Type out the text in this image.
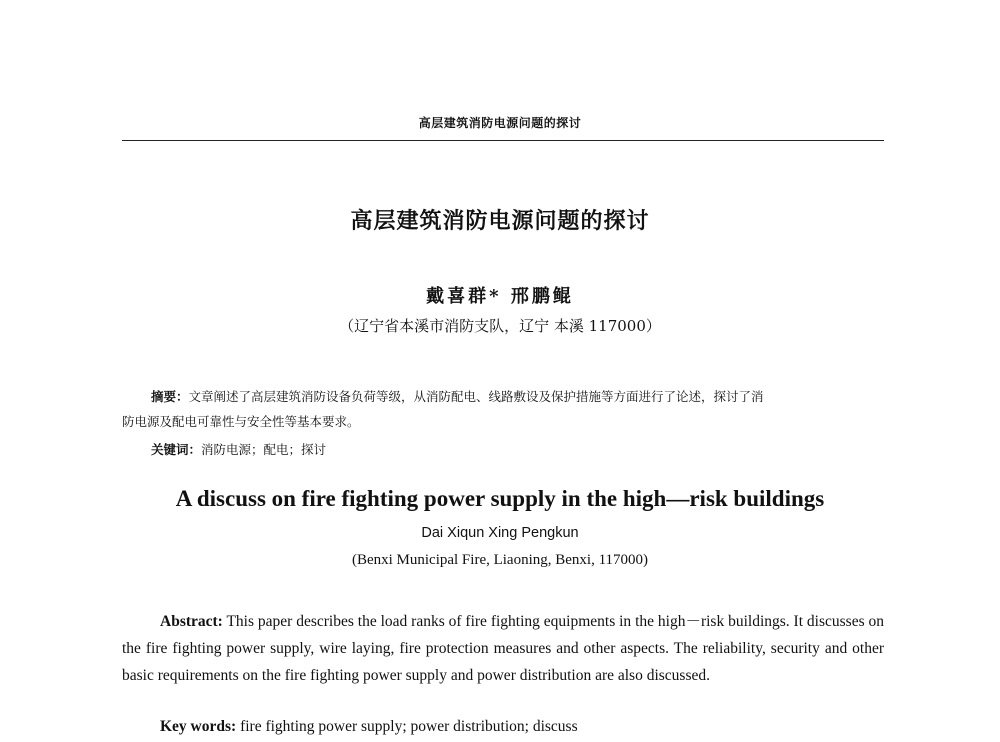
高层建筑消防电源问题的探讨
高层建筑消防电源问题的探讨
戴喜群* 邢鹏鲲
（辽宁省本溪市消防支队，辽宁 本溪 117000）
摘要：文章阐述了高层建筑消防设备负荷等级，从消防配电、线路敷设及保护措施等方面进行了论述，探讨了消
防电源及配电可靠性与安全性等基本要求。
关键词：消防电源；配电；探讨
A discuss on fire fighting power supply in the high—risk buildings
Dai Xiqun Xing Pengkun
(Benxi Municipal Fire, Liaoning, Benxi, 117000)
Abstract: This paper describes the load ranks of fire fighting equipments in the high－risk buildings. It discusses on the fire fighting power supply, wire laying, fire protection measures and other aspects. The reliability, security and other basic requirements on the fire fighting power supply and power distribution are also discussed.
Key words: fire fighting power supply; power distribution; discuss
